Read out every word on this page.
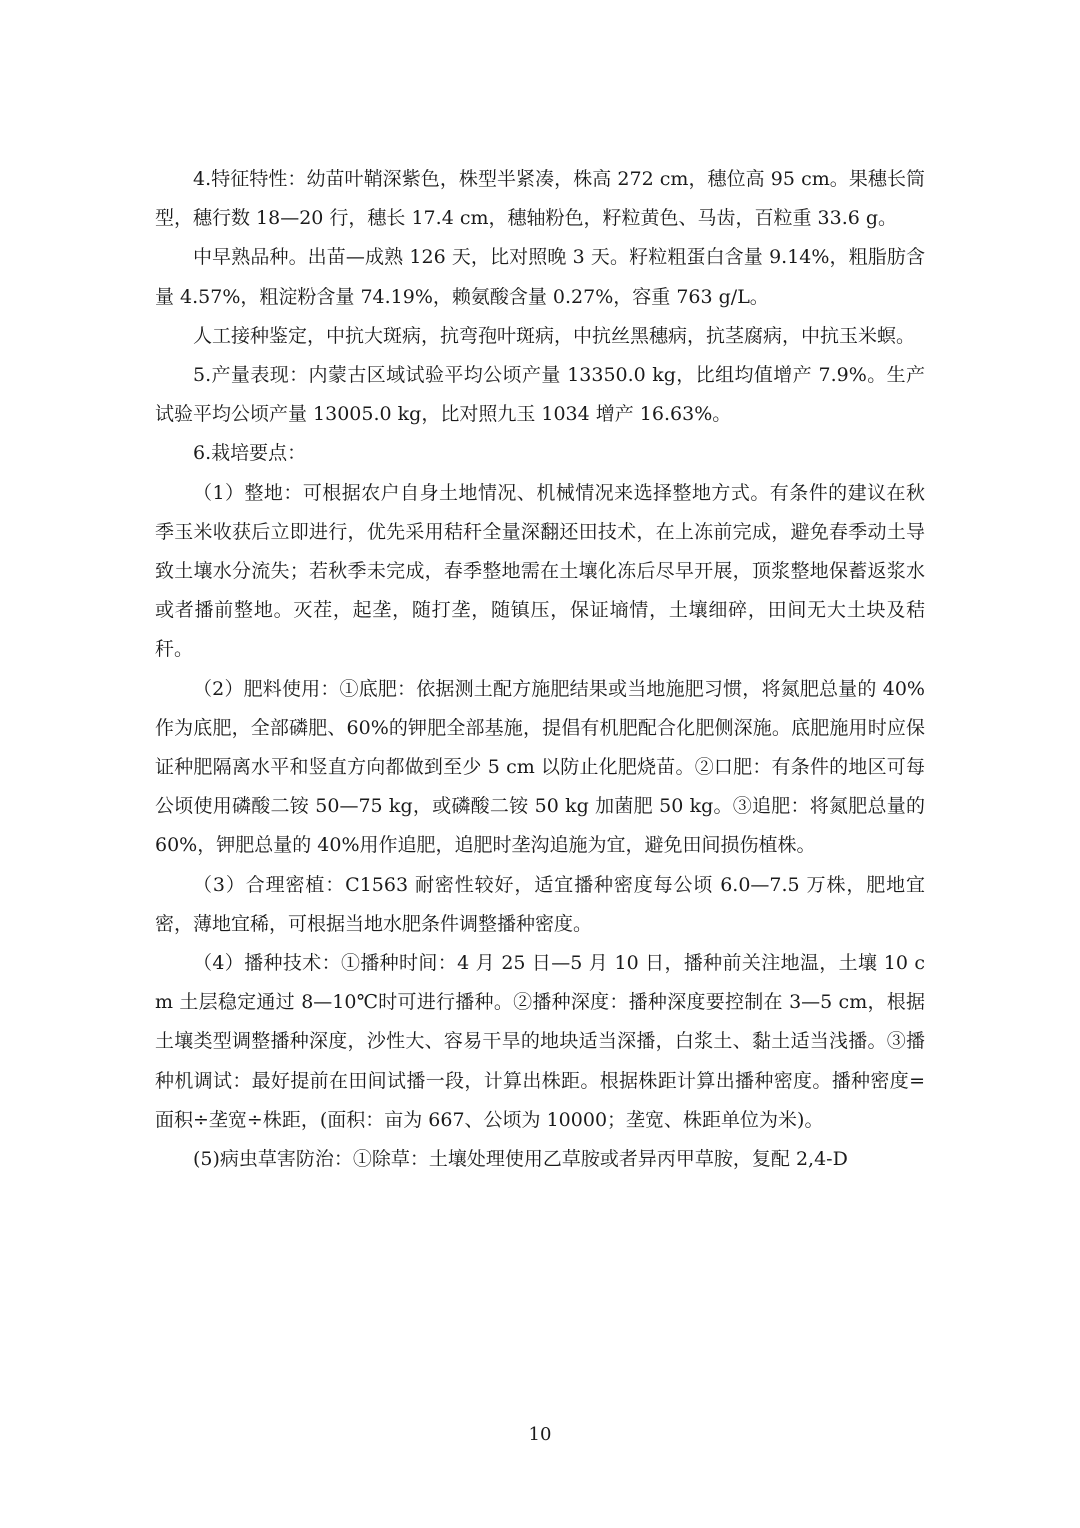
4.特征特性：幼苗叶鞘深紫色，株型半紧凑，株高 272 cm，穗位高 95 cm。果穗长筒型，穗行数 18—20 行，穗长 17.4 cm，穗轴粉色，籽粒黄色、马齿，百粒重 33.6 g。

中早熟品种。出苗—成熟 126 天，比对照晚 3 天。籽粒粗蛋白含量 9.14%，粗脂肪含量 4.57%，粗淀粉含量 74.19%，赖氨酸含量 0.27%，容重 763 g/L。

人工接种鉴定，中抗大斑病，抗弯孢叶斑病，中抗丝黑穗病，抗茎腐病，中抗玉米螟。

5.产量表现：内蒙古区域试验平均公顷产量 13350.0 kg，比组均值增产 7.9%。生产试验平均公顷产量 13005.0 kg，比对照九玉 1034 增产 16.63%。

6.栽培要点：

（1）整地：可根据农户自身土地情况、机械情况来选择整地方式。有条件的建议在秋季玉米收获后立即进行，优先采用秸秆全量深翻还田技术，在上冻前完成，避免春季动土导致土壤水分流失；若秋季未完成，春季整地需在土壤化冻后尽早开展，顶浆整地保蓄返浆水或者播前整地。灭茬，起垄，随打垄，随镇压，保证墒情，土壤细碎，田间无大土块及秸秆。

（2）肥料使用：①底肥：依据测土配方施肥结果或当地施肥习惯，将氮肥总量的 40%作为底肥，全部磷肥、60%的钾肥全部基施，提倡有机肥配合化肥侧深施。底肥施用时应保证种肥隔离水平和竖直方向都做到至少 5 cm 以防止化肥烧苗。②口肥：有条件的地区可每公顷使用磷酸二铵 50—75 kg，或磷酸二铵 50 kg 加菌肥 50 kg。③追肥：将氮肥总量的 60%，钾肥总量的 40%用作追肥，追肥时垄沟追施为宜，避免田间损伤植株。

（3）合理密植：C1563 耐密性较好，适宜播种密度每公顷 6.0—7.5 万株，肥地宜密，薄地宜稀，可根据当地水肥条件调整播种密度。

（4）播种技术：①播种时间：4 月 25 日—5 月 10 日，播种前关注地温，土壤 10 cm 土层稳定通过 8—10℃时可进行播种。②播种深度：播种深度要控制在 3—5 cm，根据土壤类型调整播种深度，沙性大、容易干旱的地块适当深播，白浆土、黏土适当浅播。③播种机调试：最好提前在田间试播一段，计算出株距。根据株距计算出播种密度。播种密度=面积÷垄宽÷株距，(面积：亩为 667、公顷为 10000；垄宽、株距单位为米)。

(5)病虫草害防治：①除草：土壤处理使用乙草胺或者异丙甲草胺，复配 2,4-D

10
